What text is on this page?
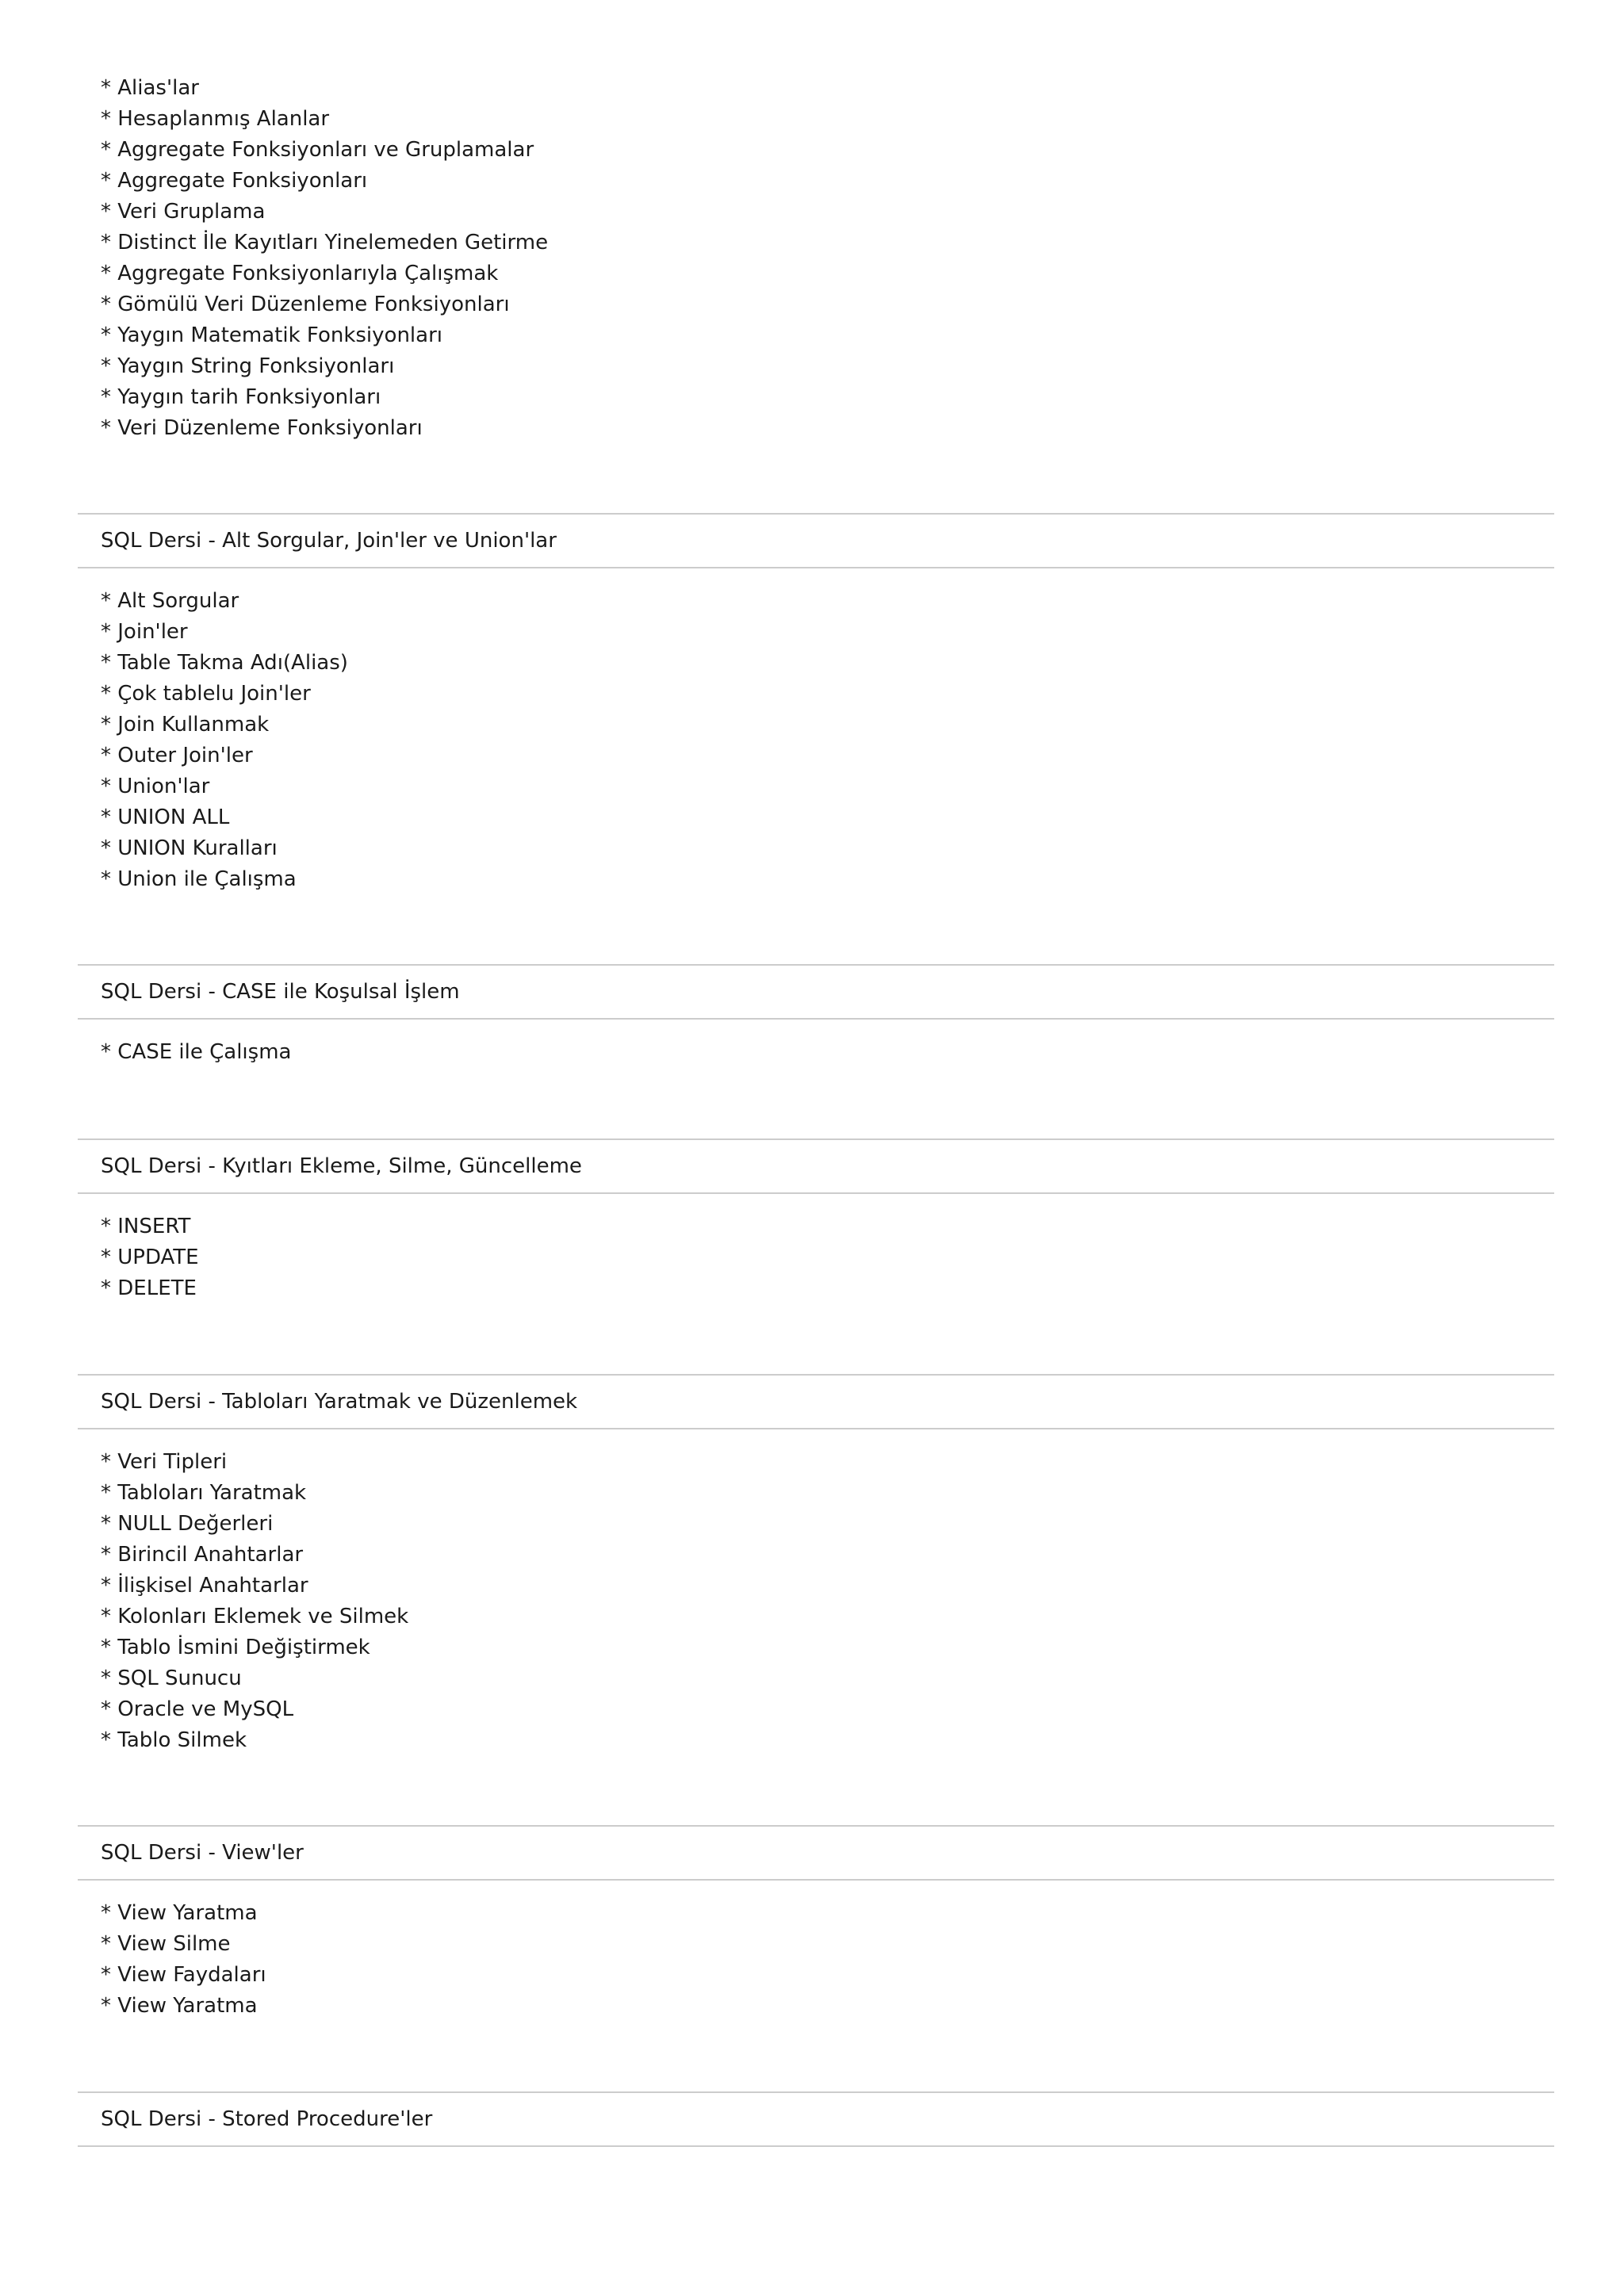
* Alias'lar
* Hesaplanmış Alanlar
* Aggregate Fonksiyonları ve Gruplamalar
* Aggregate Fonksiyonları
* Veri Gruplama
* Distinct İle Kayıtları Yinelemeden Getirme
* Aggregate Fonksiyonlarıyla Çalışmak
* Gömülü Veri Düzenleme Fonksiyonları
* Yaygın Matematik Fonksiyonları
* Yaygın String Fonksiyonları
* Yaygın tarih Fonksiyonları
* Veri Düzenleme Fonksiyonları
SQL Dersi - Alt Sorgular, Join'ler ve Union'lar
* Alt Sorgular
* Join'ler
* Table Takma Adı(Alias)
* Çok tablelu Join'ler
* Join Kullanmak
* Outer Join'ler
* Union'lar
* UNION ALL
* UNION Kuralları
* Union ile Çalışma
SQL Dersi - CASE ile Koşulsal İşlem
* CASE ile Çalışma
SQL Dersi - Kyıtları Ekleme, Silme, Güncelleme
* INSERT
* UPDATE
* DELETE
SQL Dersi - Tabloları Yaratmak ve Düzenlemek
* Veri Tipleri
* Tabloları Yaratmak
* NULL Değerleri
* Birincil Anahtarlar
* İlişkisel Anahtarlar
* Kolonları Eklemek ve Silmek
* Tablo İsmini Değiştirmek
* SQL Sunucu
* Oracle ve MySQL
* Tablo Silmek
SQL Dersi - View'ler
* View Yaratma
* View Silme
* View Faydaları
* View Yaratma
SQL Dersi - Stored Procedure'ler
